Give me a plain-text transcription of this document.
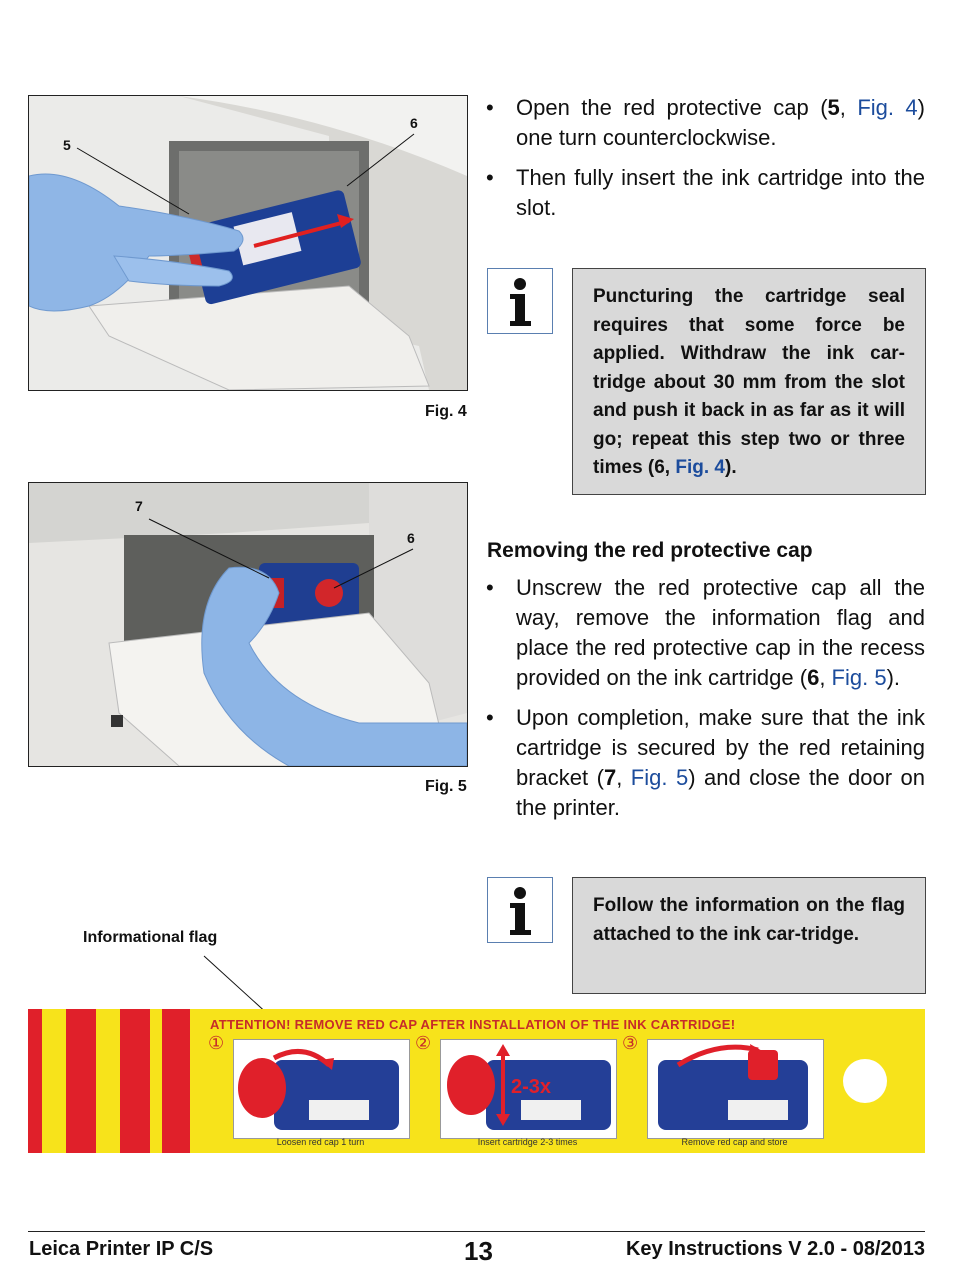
5
6
Fig. 4
7
6
Fig. 5
• Open the red protective cap (5, Fig. 4) one turn counterclockwise.
• Then fully insert the ink cartridge into the slot.
Puncturing the cartridge seal requires that some force be applied. Withdraw the ink car-tridge about 30 mm from the slot and push it back in as far as it will go; repeat this step two or three times (6, Fig. 4).
Removing the red protective cap
• Unscrew the red protective cap all the way, remove the information flag and place the red protective cap in the recess provided on the ink cartridge (6, Fig. 5).
• Upon completion, make sure that the ink cartridge is secured by the red retaining bracket (7, Fig. 5) and close the door on the printer.
Follow the information on the flag attached to the ink car-tridge.
Informational flag
ATTENTION! REMOVE RED CAP AFTER INSTALLATION OF THE INK CARTRIDGE!
①
Loosen red cap 1 turn
②
2-3x
Insert cartridge 2-3 times
③
Remove red cap and store
Leica Printer IP C/S	13	Key Instructions V 2.0 - 08/2013
